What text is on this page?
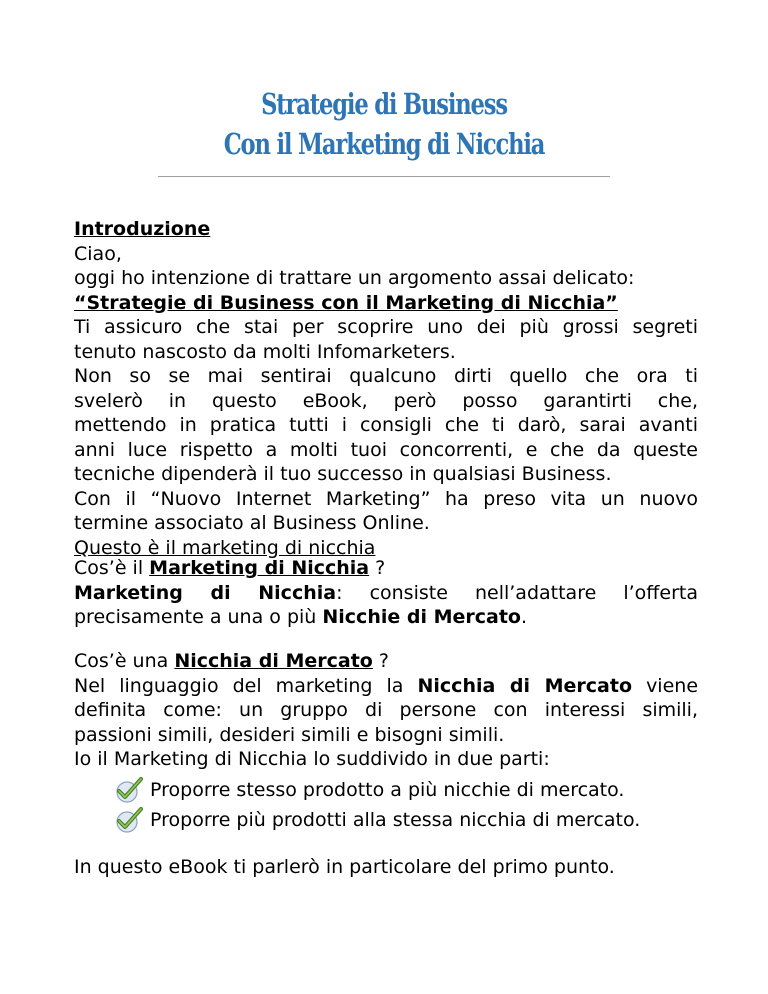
Strategie di Business
Con il Marketing di Nicchia

Introduzione

Ciao,

oggi ho intenzione di trattare un argomento assai delicato:

“Strategie di Business con il Marketing di Nicchia”

Ti assicuro che stai per scoprire uno dei più grossi segreti

tenuto nascosto da molti Infomarketers.

Non so se mai sentirai qualcuno dirti quello che ora ti

svelerò in questo eBook, però posso garantirti che,

mettendo in pratica tutti i consigli che ti darò, sarai avanti

anni luce rispetto a molti tuoi concorrenti, e che da queste

tecniche dipenderà il tuo successo in qualsiasi Business.

Con il “Nuovo Internet Marketing” ha preso vita un nuovo

termine associato al Business Online.

Questo è il marketing di nicchia

Cos’è il Marketing di Nicchia ?

Marketing di Nicchia: consiste nell’adattare l’offerta

precisamente a una o più Nicchie di Mercato.

Cos’è una Nicchia di Mercato ?

Nel linguaggio del marketing la Nicchia di Mercato viene

definita come: un gruppo di persone con interessi simili,

passioni simili, desideri simili e bisogni simili.

Io il Marketing di Nicchia lo suddivido in due parti:

Proporre stesso prodotto a più nicchie di mercato.
Proporre più prodotti alla stessa nicchia di mercato.

In questo eBook ti parlerò in particolare del primo punto.
